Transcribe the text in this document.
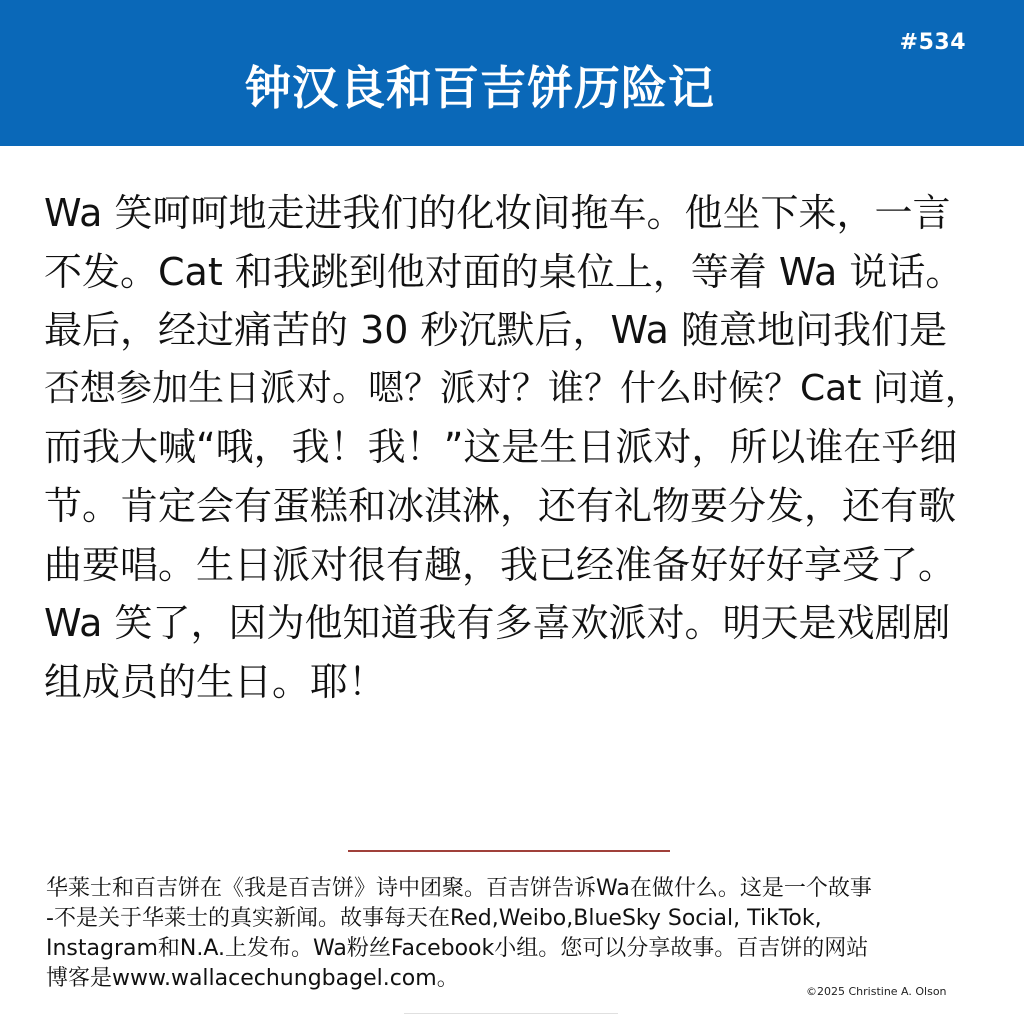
#534
钟汉良和百吉饼历险记
Wa 笑呵呵地走进我们的化妆间拖车。他坐下来，一言
不发。Cat 和我跳到他对面的桌位上，等着 Wa 说话。
最后，经过痛苦的 30 秒沉默后，Wa 随意地问我们是
否想参加生日派对。嗯？派对？谁？什么时候？Cat 问道，
而我大喊“哦，我！我！”这是生日派对，所以谁在乎细
节。肯定会有蛋糕和冰淇淋，还有礼物要分发，还有歌
曲要唱。生日派对很有趣，我已经准备好好好享受了。
Wa 笑了，因为他知道我有多喜欢派对。明天是戏剧剧
组成员的生日。耶！
华莱士和百吉饼在《我是百吉饼》诗中团聚。百吉饼告诉Wa在做什么。这是一个故事
-不是关于华莱士的真实新闻。故事每天在Red,Weibo,BlueSky Social, TikTok,
Instagram和N.A.上发布。Wa粉丝Facebook小组。您可以分享故事。百吉饼的网站
博客是www.wallacechungbagel.com。
©2025 Christine A. Olson
